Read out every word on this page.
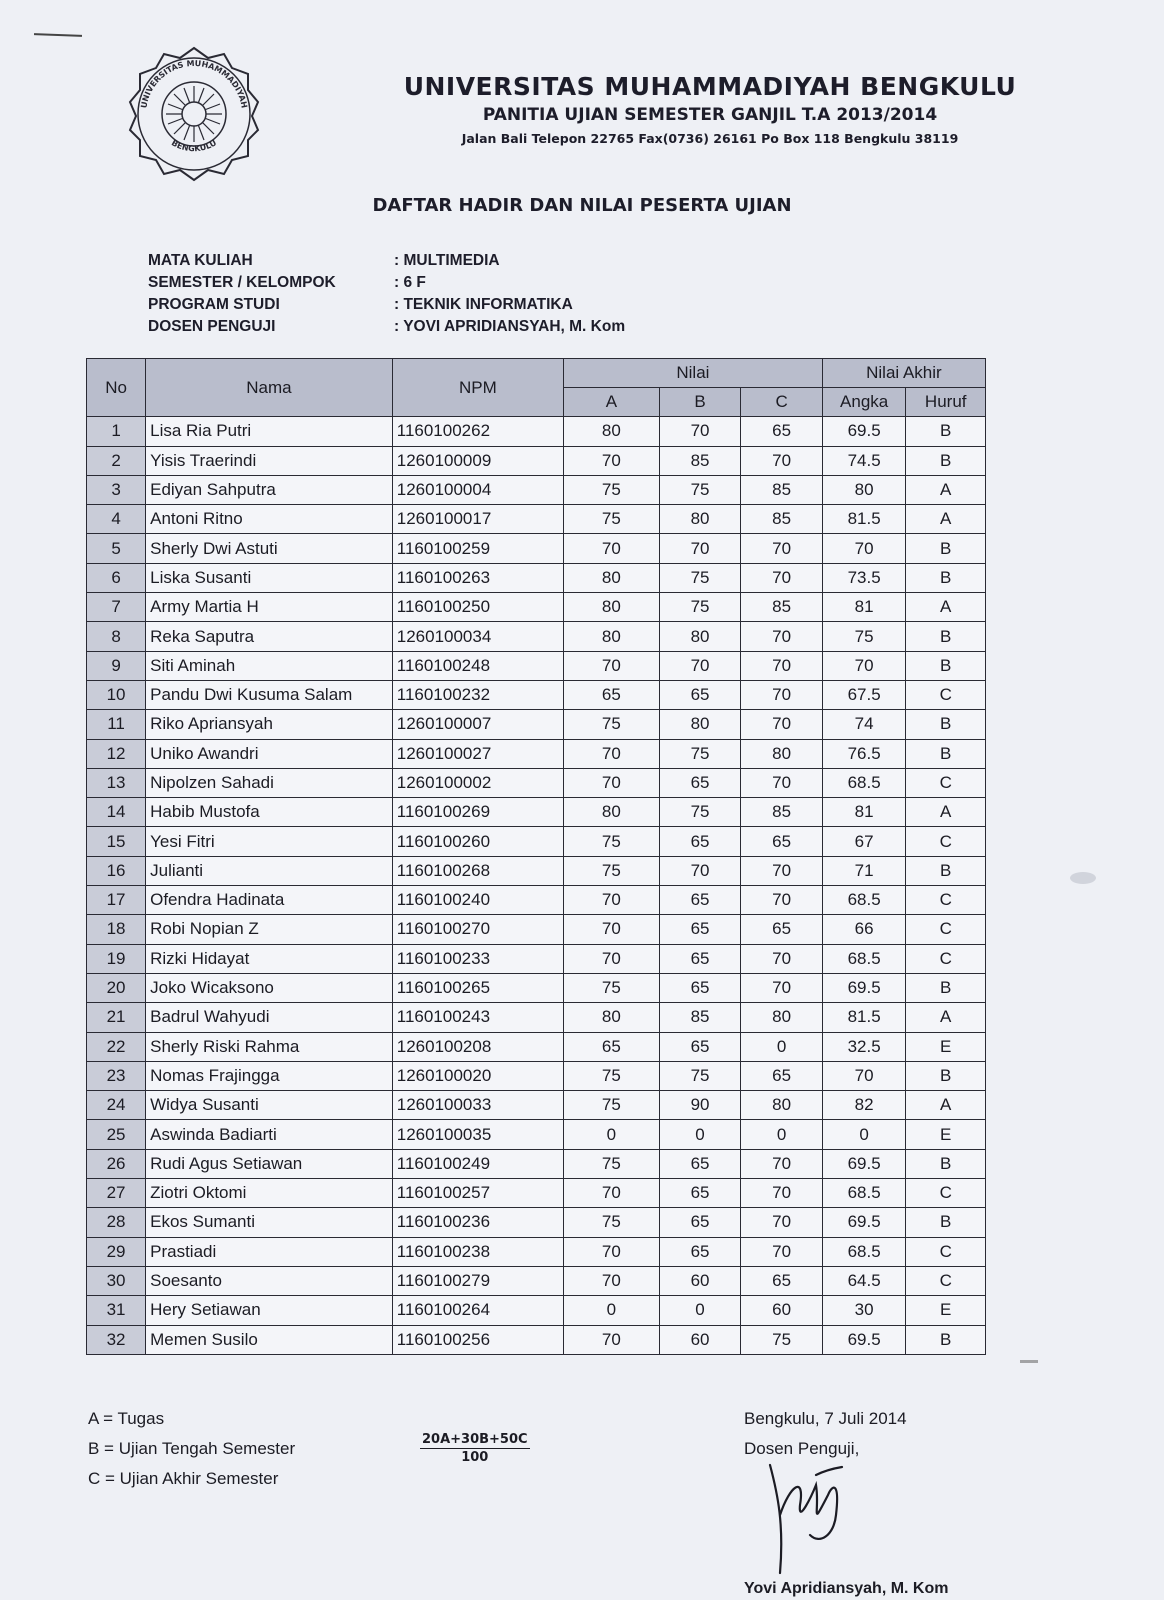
UNIVERSITAS MUHAMMADIYAH
BENGKULU
UNIVERSITAS MUHAMMADIYAH BENGKULU
PANITIA UJIAN SEMESTER GANJIL T.A 2013/2014
Jalan Bali Telepon 22765 Fax(0736) 26161 Po Box 118 Bengkulu 38119
DAFTAR HADIR DAN NILAI PESERTA UJIAN
MATA KULIAH	: MULTIMEDIA
SEMESTER / KELOMPOK	: 6 F
PROGRAM STUDI	: TEKNIK INFORMATIKA
DOSEN PENGUJI	: YOVI APRIDIANSYAH, M. Kom
No	Nama	NPM	Nilai			Nilai Akhir	
			A	B	C	Angka	Huruf
1	Lisa Ria Putri	1160100262	80	70	65	69.5	B
2	Yisis Traerindi	1260100009	70	85	70	74.5	B
3	Ediyan Sahputra	1260100004	75	75	85	80	A
4	Antoni Ritno	1260100017	75	80	85	81.5	A
5	Sherly Dwi Astuti	1160100259	70	70	70	70	B
6	Liska Susanti	1160100263	80	75	70	73.5	B
7	Army Martia H	1160100250	80	75	85	81	A
8	Reka Saputra	1260100034	80	80	70	75	B
9	Siti Aminah	1160100248	70	70	70	70	B
10	Pandu Dwi Kusuma Salam	1160100232	65	65	70	67.5	C
11	Riko Apriansyah	1260100007	75	80	70	74	B
12	Uniko Awandri	1260100027	70	75	80	76.5	B
13	Nipolzen Sahadi	1260100002	70	65	70	68.5	C
14	Habib Mustofa	1160100269	80	75	85	81	A
15	Yesi Fitri	1160100260	75	65	65	67	C
16	Julianti	1160100268	75	70	70	71	B
17	Ofendra Hadinata	1160100240	70	65	70	68.5	C
18	Robi Nopian Z	1160100270	70	65	65	66	C
19	Rizki Hidayat	1160100233	70	65	70	68.5	C
20	Joko Wicaksono	1160100265	75	65	70	69.5	B
21	Badrul Wahyudi	1160100243	80	85	80	81.5	A
22	Sherly Riski Rahma	1260100208	65	65	0	32.5	E
23	Nomas Frajingga	1260100020	75	75	65	70	B
24	Widya Susanti	1260100033	75	90	80	82	A
25	Aswinda Badiarti	1260100035	0	0	0	0	E
26	Rudi Agus Setiawan	1160100249	75	65	70	69.5	B
27	Ziotri Oktomi	1160100257	70	65	70	68.5	C
28	Ekos Sumanti	1160100236	75	65	70	69.5	B
29	Prastiadi	1160100238	70	65	70	68.5	C
30	Soesanto	1160100279	70	60	65	64.5	C
31	Hery Setiawan	1160100264	0	0	60	30	E
32	Memen Susilo	1160100256	70	60	75	69.5	B
A = Tugas
B = Ujian Tengah Semester
C = Ujian Akhir Semester
$\frac{20A+30B+50C}{100}$
Bengkulu, 7 Juli 2014
Dosen Penguji,
Yovi Apridiansyah, M. Kom
